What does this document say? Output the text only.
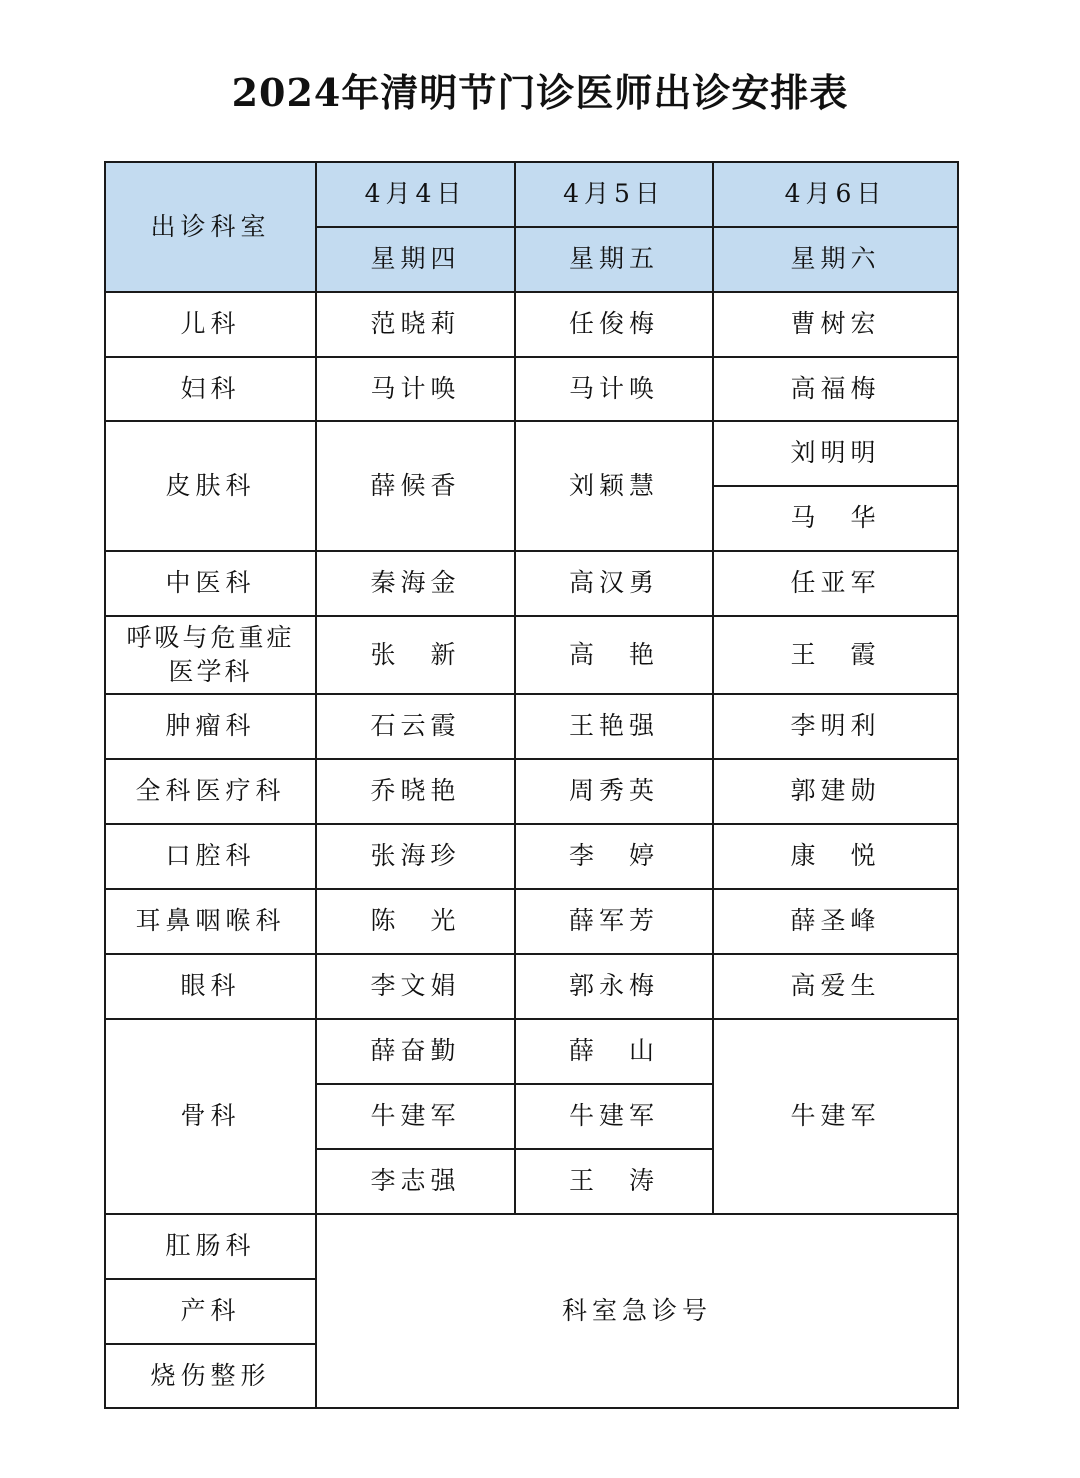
2024年清明节门诊医师出诊安排表
出诊科室	4月4日	4月5日	4月6日
	星期四	星期五	星期六
儿科	范晓莉	任俊梅	曹树宏
妇科	马计唤	马计唤	高福梅
皮肤科	薛候香	刘颖慧	刘明明
			马　华
中医科	秦海金	高汉勇	任亚军
呼吸与危重症医学科	张　新	高　艳	王　霞
肿瘤科	石云霞	王艳强	李明利
全科医疗科	乔晓艳	周秀英	郭建勋
口腔科	张海珍	李　婷	康　悦
耳鼻咽喉科	陈　光	薛军芳	薛圣峰
眼科	李文娟	郭永梅	高爱生
骨科	薛奋勤	薛　山	牛建军
	牛建军	牛建军	
	李志强	王　涛	
肛肠科	科室急诊号		
产科			
烧伤整形			
